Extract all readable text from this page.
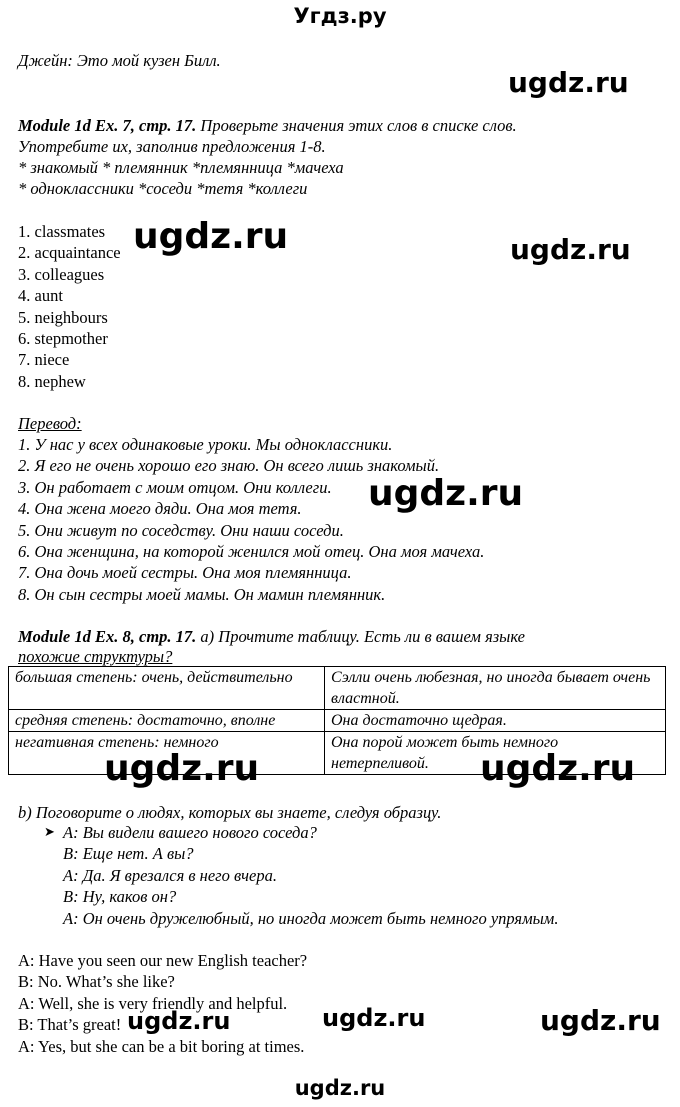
Угдз.ру
Джейн: Это мой кузен Билл.
ugdz.ru
ugdz.ru	ugdz.ru
ugdz.ru
ugdz.ru	ugdz.ru
ugdz.ru	ugdz.ru	ugdz.ru
Module 1d Ex. 7, стр. 17. Проверьте значения этих слов в списке слов.
Употребите их, заполнив предложения 1-8.
* знакомый * племянник *племянница *мачеха
* одноклассники *соседи *тетя *коллеги
1. classmates
2. acquaintance
3. colleagues
4. aunt
5. neighbours
6. stepmother
7. niece
8. nephew
Перевод:
1. У нас у всех одинаковые уроки. Мы одноклассники.
2. Я его не очень хорошо его знаю. Он всего лишь знакомый.
3. Он работает с моим отцом. Они коллеги.
4. Она жена моего дяди. Она моя тетя.
5. Они живут по соседству. Они наши соседи.
6. Она женщина, на которой женился мой отец. Она моя мачеха.
7. Она дочь моей сестры. Она моя племянница.
8. Он сын сестры моей мамы. Он мамин племянник.
Module 1d Ex. 8, стр. 17. а) Прочтите таблицу. Есть ли в вашем языке
похожие структуры?
большая степень: очень, действительно	Сэлли очень любезная, но иногда бывает очень властной.
средняя степень: достаточно, вполне	Она достаточно щедрая.
негативная степень: немного	Она порой может быть немного нетерпеливой.
b) Поговорите о людях, которых вы знаете, следуя образцу.
➤ A: Вы видели вашего нового соседа?
B: Еще нет. А вы?
A: Да. Я врезался в него вчера.
B: Ну, каков он?
A: Он очень дружелюбный, но иногда может быть немного упрямым.
A: Have you seen our new English teacher?
B: No. What’s she like?
A: Well, she is very friendly and helpful.
B: That’s great!
A: Yes, but she can be a bit boring at times.
ugdz.ru
